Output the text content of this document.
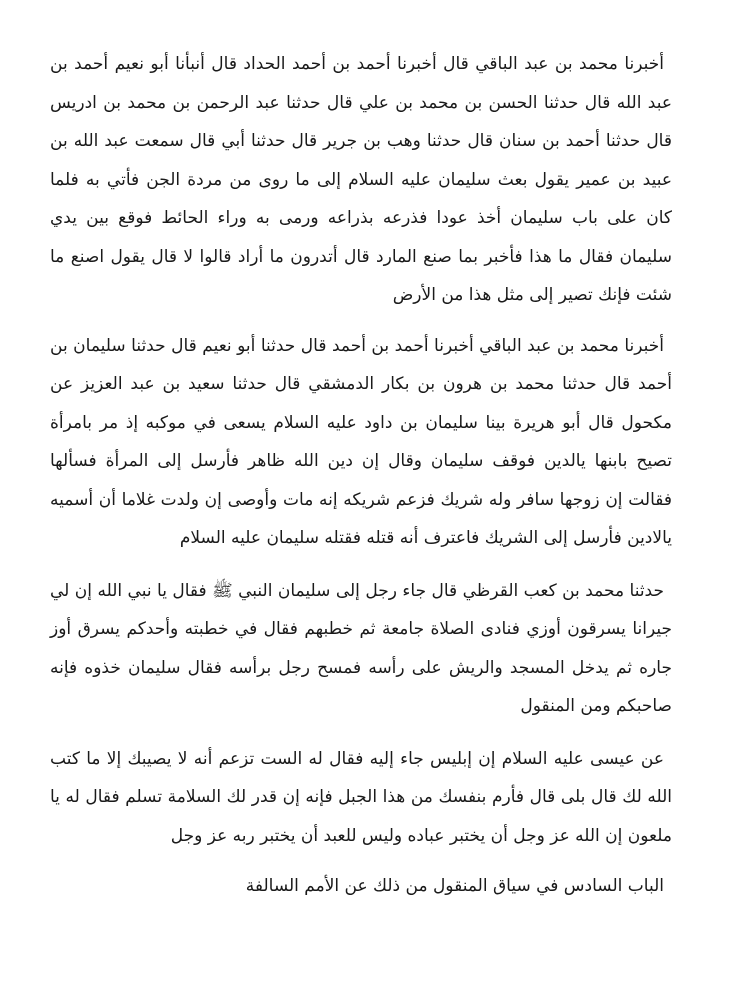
أخبرنا محمد بن عبد الباقي قال أخبرنا أحمد بن أحمد الحداد قال أنبأنا أبو نعيم أحمد بن عبد الله قال حدثنا الحسن بن محمد بن علي قال حدثنا عبد الرحمن بن محمد بن ادريس قال حدثنا أحمد بن سنان قال حدثنا وهب بن جرير قال حدثنا أبي قال سمعت عبد الله بن عبيد بن عمير يقول بعث سليمان عليه السلام إلى ما روى من مردة الجن فأتي به فلما كان على باب سليمان أخذ عودا فذرعه بذراعه ورمى به وراء الحائط فوقع بين يدي سليمان فقال ما هذا فأخبر بما صنع المارد قال أتدرون ما أراد قالوا لا قال يقول اصنع ما شئت فإنك تصير إلى مثل هذا من الأرض

أخبرنا محمد بن عبد الباقي أخبرنا أحمد بن أحمد قال حدثنا أبو نعيم قال حدثنا سليمان بن أحمد قال حدثنا محمد بن هرون بن بكار الدمشقي قال حدثنا سعيد بن عبد العزيز عن مكحول قال أبو هريرة بينا سليمان بن داود عليه السلام يسعى في موكبه إذ مر بامرأة تصيح بابنها يالدين فوقف سليمان وقال إن دين الله ظاهر فأرسل إلى المرأة فسألها فقالت إن زوجها سافر وله شريك فزعم شريكه إنه مات وأوصى إن ولدت غلاما أن أسميه يالادين فأرسل إلى الشريك فاعترف أنه قتله فقتله سليمان عليه السلام

حدثنا محمد بن كعب القرظي قال جاء رجل إلى سليمان النبي ﷺ فقال يا نبي الله إن لي جيرانا يسرقون أوزي فنادى الصلاة جامعة ثم خطبهم فقال في خطبته وأحدكم يسرق أوز جاره ثم يدخل المسجد والريش على رأسه فمسح رجل برأسه فقال سليمان خذوه فإنه صاحبكم ومن المنقول

عن عيسى عليه السلام إن إبليس جاء إليه فقال له الست تزعم أنه لا يصيبك إلا ما كتب الله لك قال بلى قال فأرم بنفسك من هذا الجبل فإنه إن قدر لك السلامة تسلم فقال له يا ملعون إن الله عز وجل أن يختبر عباده وليس للعبد أن يختبر ربه عز وجل

الباب السادس في سياق المنقول من ذلك عن الأمم السالفة
